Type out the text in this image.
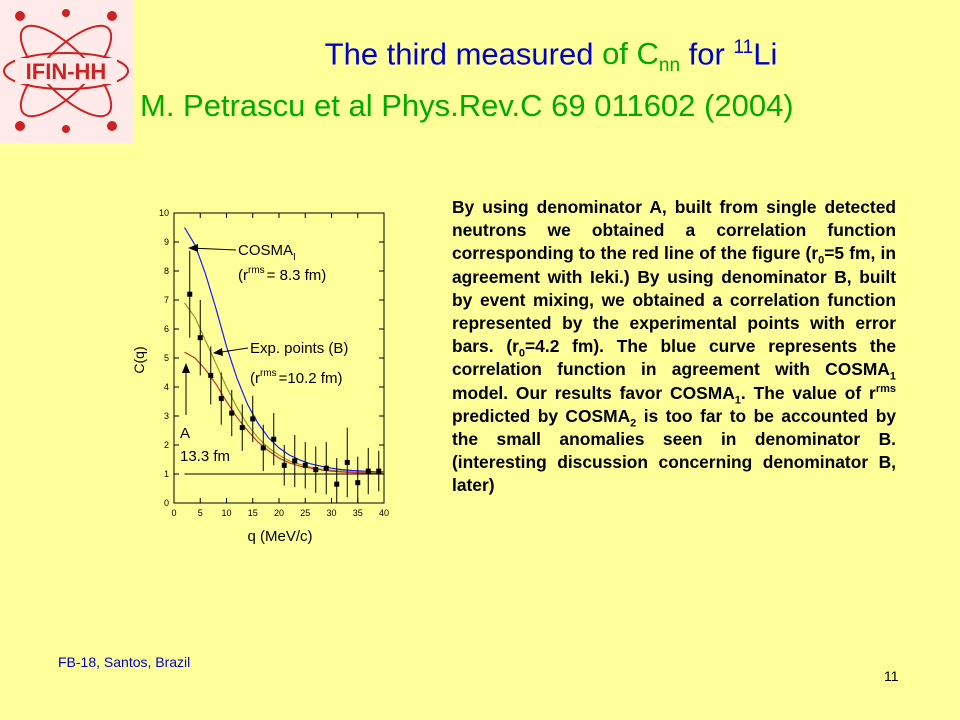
IFIN-HH
The third measured of $C_{nn}$ for $^{11}$Li
M. Petrascu et al Phys.Rev.C 69 011602 (2004)
0 5 10 15 20 25 30 35 40
0
1
2
3
4
5
6
7
8
9
10
C(q)
q (MeV/c)
$COSMA_I$
($r^{rms} = 8.3$ fm)
Exp. points (B)
($r^{rms} =10.2$ fm)
A
13.3 fm

By using denominator A, built from single detected neutrons we obtained a correlation function corresponding to the red line of the figure ($r_0=5$ fm, in agreement with Ieki.) By using denominator B, built by event mixing, we obtained a correlation function represented by the experimental points with error bars. ($r_0=4.2$ fm). The blue curve represents the correlation function in agreement with $COSMA_1$ model. Our results favor $COSMA_1$. The value of $r^{rms}$ predicted by $COSMA_2$ is too far to be accounted by the small anomalies seen in denominator B.(interesting discussion concerning denominator B, later)

FB-18, Santos, Brazil
11
